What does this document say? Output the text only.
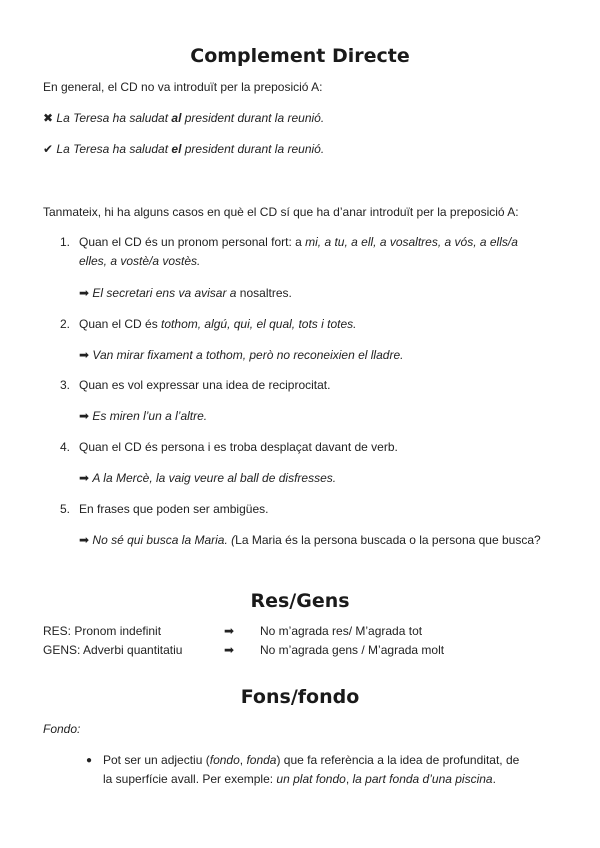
Complement Directe
En general, el CD no va introduït per la preposició A:
✖ La Teresa ha saludat al president durant la reunió.
✔ La Teresa ha saludat el president durant la reunió.
Tanmateix, hi ha alguns casos en què el CD sí que ha d’anar introduït per la preposició A:
1. Quan el CD és un pronom personal fort: a mi, a tu, a ell, a vosaltres, a vós, a ells/a
elles, a vostè/a vostès.
➡ El secretari ens va avisar a nosaltres.
2. Quan el CD és tothom, algú, qui, el qual, tots i totes.
➡ Van mirar fixament a tothom, però no reconeixien el lladre.
3. Quan es vol expressar una idea de reciprocitat.
➡ Es miren l’un a l’altre.
4. Quan el CD és persona i es troba desplaçat davant de verb.
➡ A la Mercè, la vaig veure al ball de disfresses.
5. En frases que poden ser ambigües.
➡ No sé qui busca la Maria. (La Maria és la persona buscada o la persona que busca?
Res/Gens
RES: Pronom indefinit	➡ No m’agrada res/ M’agrada tot
GENS: Adverbi quantitatiu	➡ No m’agrada gens / M’agrada molt
Fons/fondo
Fondo:
● Pot ser un adjectiu (fondo, fonda) que fa referència a la idea de profunditat, de
la superfície avall. Per exemple: un plat fondo, la part fonda d’una piscina.
